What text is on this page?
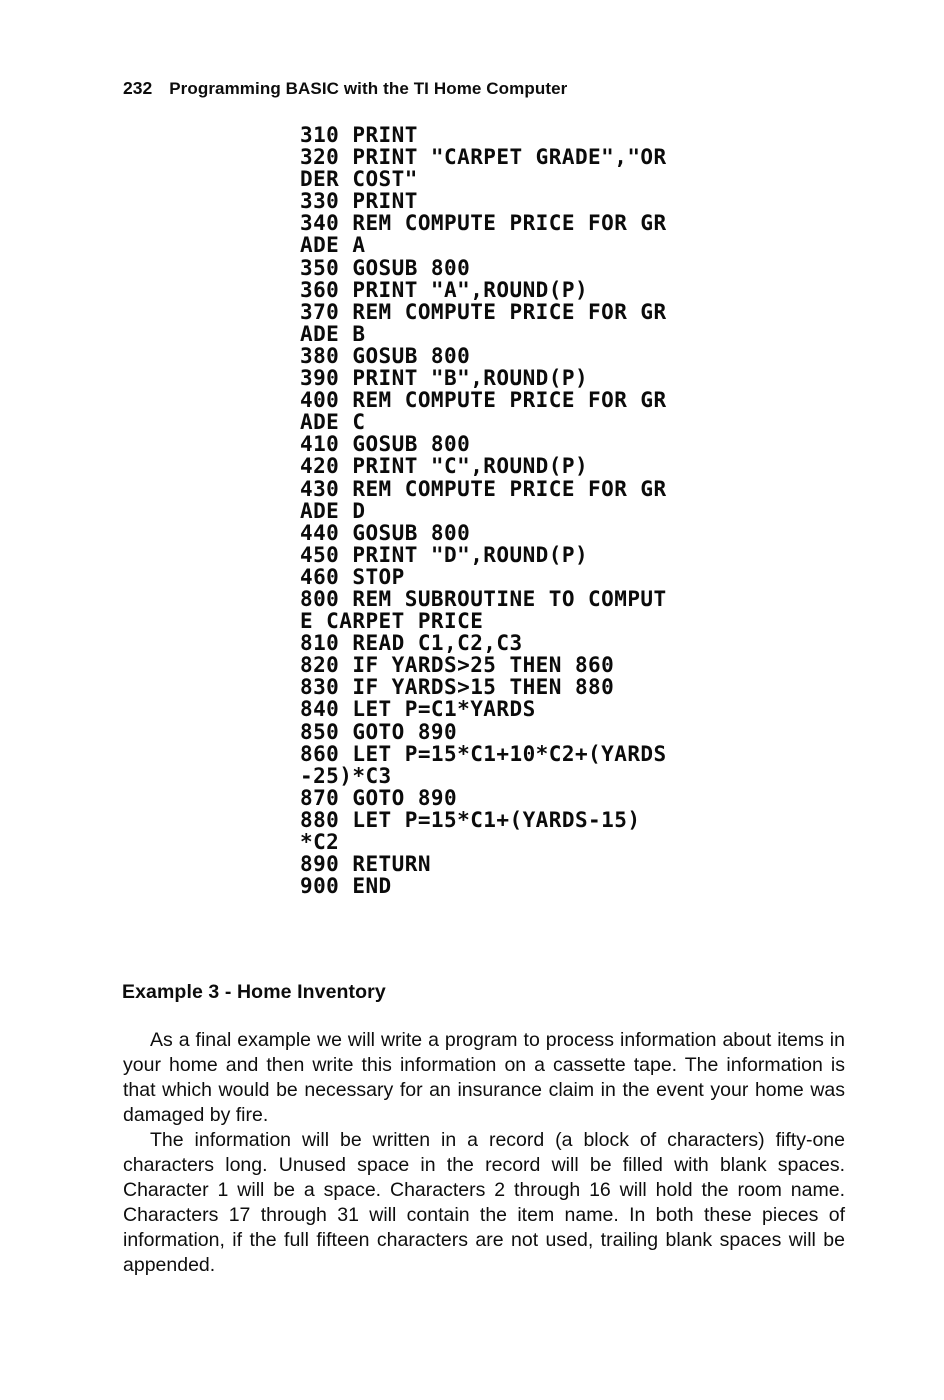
232 Programming BASIC with the TI Home Computer
310 PRINT
320 PRINT "CARPET GRADE","OR
DER COST"
330 PRINT
340 REM COMPUTE PRICE FOR GR
ADE A
350 GOSUB 800
360 PRINT "A",ROUND(P)
370 REM COMPUTE PRICE FOR GR
ADE B
380 GOSUB 800
390 PRINT "B",ROUND(P)
400 REM COMPUTE PRICE FOR GR
ADE C
410 GOSUB 800
420 PRINT "C",ROUND(P)
430 REM COMPUTE PRICE FOR GR
ADE D
440 GOSUB 800
450 PRINT "D",ROUND(P)
460 STOP
800 REM SUBROUTINE TO COMPUT
E CARPET PRICE
810 READ C1,C2,C3
820 IF YARDS>25 THEN 860
830 IF YARDS>15 THEN 880
840 LET P=C1*YARDS
850 GOTO 890
860 LET P=15*C1+10*C2+(YARDS
-25)*C3
870 GOTO 890
880 LET P=15*C1+(YARDS-15)
*C2
890 RETURN
900 END
Example 3 - Home Inventory

As a final example we will write a program to process information about items in your home and then write this information on a cassette tape. The information is that which would be necessary for an insurance claim in the event your home was damaged by fire.

The information will be written in a record (a block of characters) fifty-one characters long. Unused space in the record will be filled with blank spaces. Character 1 will be a space. Characters 2 through 16 will hold the room name. Characters 17 through 31 will contain the item name. In both these pieces of information, if the full fifteen characters are not used, trailing blank spaces will be appended.
